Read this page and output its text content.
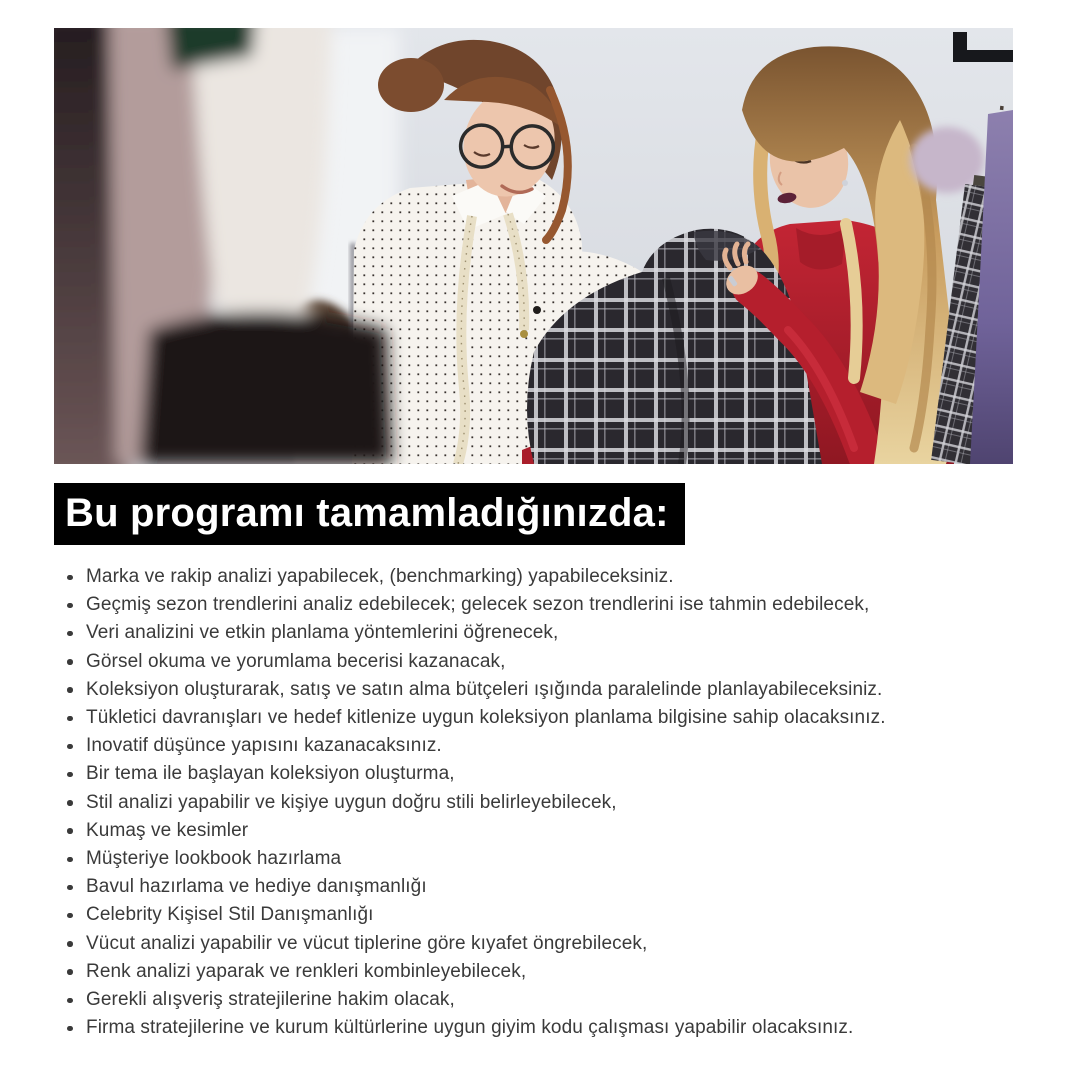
Bu programı tamamladığınızda:
Marka ve rakip analizi yapabilecek, (benchmarking) yapabileceksiniz.
Geçmiş sezon trendlerini analiz edebilecek; gelecek sezon trendlerini ise tahmin edebilecek,
Veri analizini ve etkin planlama yöntemlerini öğrenecek,
Görsel okuma ve yorumlama becerisi kazanacak,
Koleksiyon oluşturarak, satış ve satın alma bütçeleri ışığında paralelinde planlayabileceksiniz.
Tükletici davranışları ve hedef kitlenize uygun koleksiyon planlama bilgisine sahip olacaksınız.
Inovatif düşünce yapısını kazanacaksınız.
Bir tema ile başlayan koleksiyon oluşturma,
Stil analizi yapabilir ve kişiye uygun doğru stili belirleyebilecek,
Kumaş ve kesimler
Müşteriye lookbook hazırlama
Bavul hazırlama ve hediye danışmanlığı
Celebrity Kişisel Stil Danışmanlığı
Vücut analizi yapabilir ve vücut tiplerine göre kıyafet öngrebilecek,
Renk analizi yaparak ve renkleri kombinleyebilecek,
Gerekli alışveriş stratejilerine hakim olacak,
Firma stratejilerine ve kurum kültürlerine uygun giyim kodu çalışması yapabilir olacaksınız.
